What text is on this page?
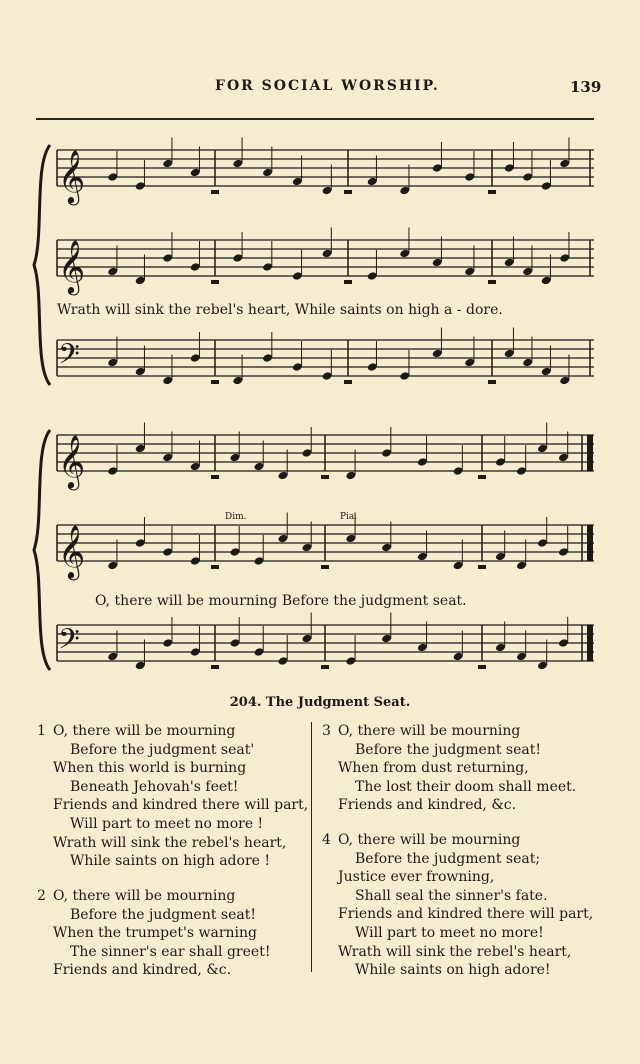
FOR SOCIAL WORSHIP.	139
𝄞
𝄞
𝄢
𝄞
𝄞
𝄢
Wrath will sink the rebel's heart, While saints on high a - dore.
Dim.	Pia.
O, there will be mourning Before the judgment seat.
204. The Judgment Seat.
1 O, there will be mourning
Before the judgment seat'
When this world is burning
Beneath Jehovah's feet!
Friends and kindred there will part,
Will part to meet no more !
Wrath will sink the rebel's heart,
While saints on high adore !
2 O, there will be mourning
Before the judgment seat!
When the trumpet's warning
The sinner's ear shall greet!
Friends and kindred, &c.
3 O, there will be mourning
Before the judgment seat!
When from dust returning,
The lost their doom shall meet.
Friends and kindred, &c.
4 O, there will be mourning
Before the judgment seat;
Justice ever frowning,
Shall seal the sinner's fate.
Friends and kindred there will part,
Will part to meet no more!
Wrath will sink the rebel's heart,
While saints on high adore!
